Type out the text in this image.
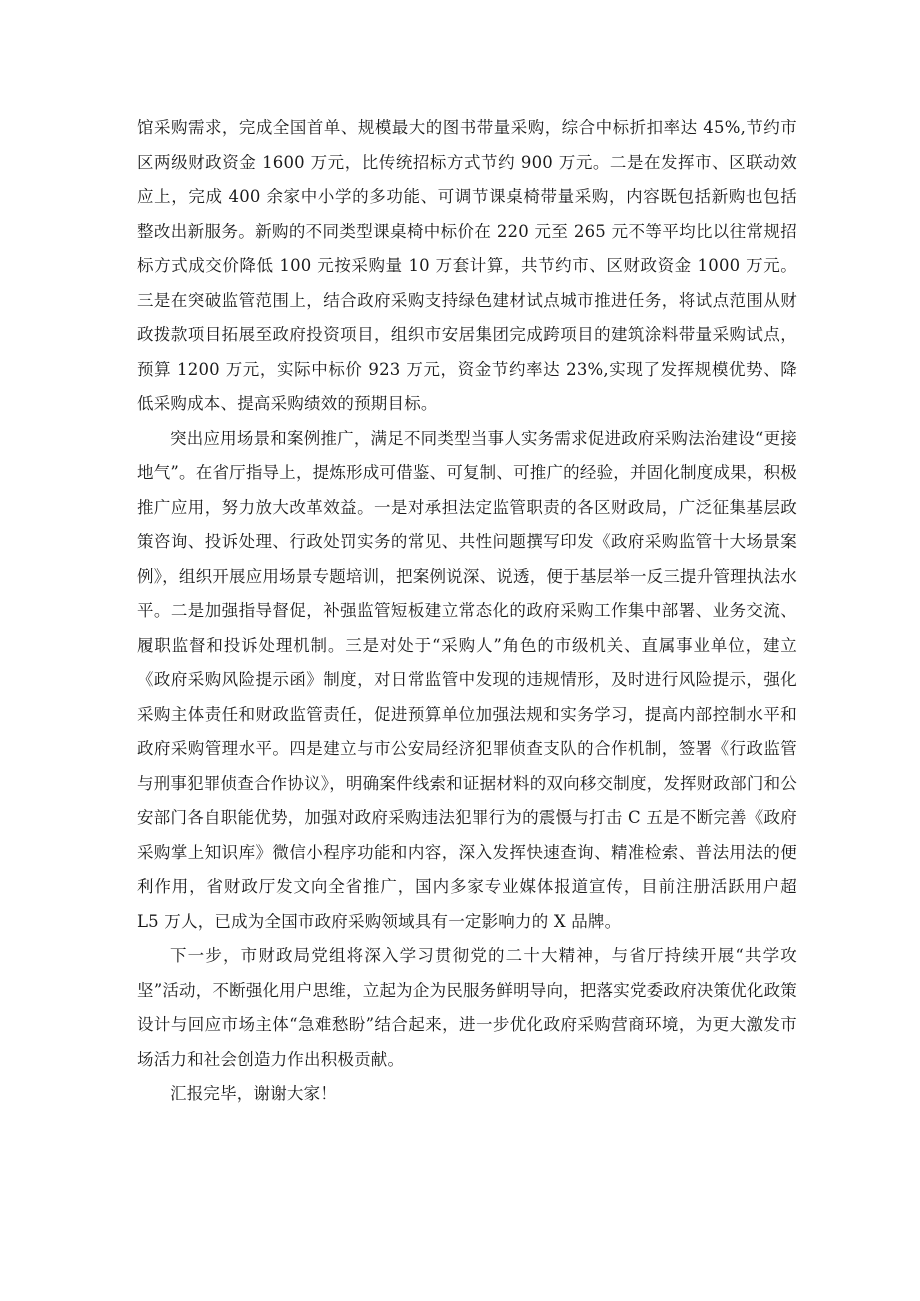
馆采购需求，完成全国首单、规模最大的图书带量采购，综合中标折扣率达 45%,节约市区两级财政资金 1600 万元，比传统招标方式节约 900 万元。二是在发挥市、区联动效应上，完成 400 余家中小学的多功能、可调节课桌椅带量采购，内容既包括新购也包括整改出新服务。新购的不同类型课桌椅中标价在 220 元至 265 元不等平均比以往常规招标方式成交价降低 100 元按采购量 10 万套计算，共节约市、区财政资金 1000 万元。三是在突破监管范围上，结合政府采购支持绿色建材试点城市推进任务，将试点范围从财政拨款项目拓展至政府投资项目，组织市安居集团完成跨项目的建筑涂料带量采购试点，预算 1200 万元，实际中标价 923 万元，资金节约率达 23%,实现了发挥规模优势、降低采购成本、提高采购绩效的预期目标。

突出应用场景和案例推广，满足不同类型当事人实务需求促进政府采购法治建设“更接地气”。在省厅指导上，提炼形成可借鉴、可复制、可推广的经验，并固化制度成果，积极推广应用，努力放大改革效益。一是对承担法定监管职责的各区财政局，广泛征集基层政策咨询、投诉处理、行政处罚实务的常见、共性问题撰写印发《政府采购监管十大场景案例》，组织开展应用场景专题培训，把案例说深、说透，便于基层举一反三提升管理执法水平。二是加强指导督促，补强监管短板建立常态化的政府采购工作集中部署、业务交流、履职监督和投诉处理机制。三是对处于“采购人”角色的市级机关、直属事业单位，建立《政府采购风险提示函》制度，对日常监管中发现的违规情形，及时进行风险提示，强化采购主体责任和财政监管责任，促进预算单位加强法规和实务学习，提高内部控制水平和政府采购管理水平。四是建立与市公安局经济犯罪侦查支队的合作机制，签署《行政监管与刑事犯罪侦查合作协议》，明确案件线索和证据材料的双向移交制度，发挥财政部门和公安部门各自职能优势，加强对政府采购违法犯罪行为的震慑与打击 C 五是不断完善《政府采购掌上知识库》微信小程序功能和内容，深入发挥快速查询、精准检索、普法用法的便利作用，省财政厅发文向全省推广，国内多家专业媒体报道宣传，目前注册活跃用户超 L5 万人，已成为全国市政府采购领域具有一定影响力的 X 品牌。

下一步，市财政局党组将深入学习贯彻党的二十大精神，与省厅持续开展“共学攻坚”活动，不断强化用户思维，立起为企为民服务鲜明导向，把落实党委政府决策优化政策设计与回应市场主体“急难愁盼”结合起来，进一步优化政府采购营商环境，为更大激发市场活力和社会创造力作出积极贡献。

汇报完毕，谢谢大家！
